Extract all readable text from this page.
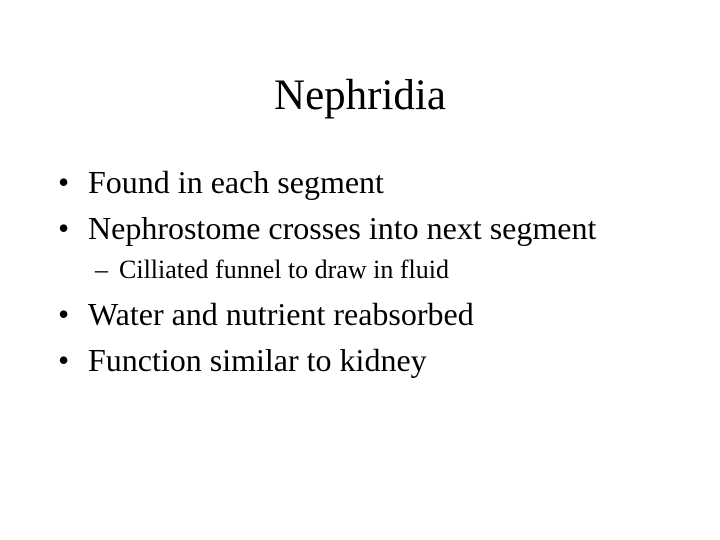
Nephridia
• Found in each segment
• Nephrostome crosses into next segment
– Cilliated funnel to draw in fluid
• Water and nutrient reabsorbed
• Function similar to kidney
